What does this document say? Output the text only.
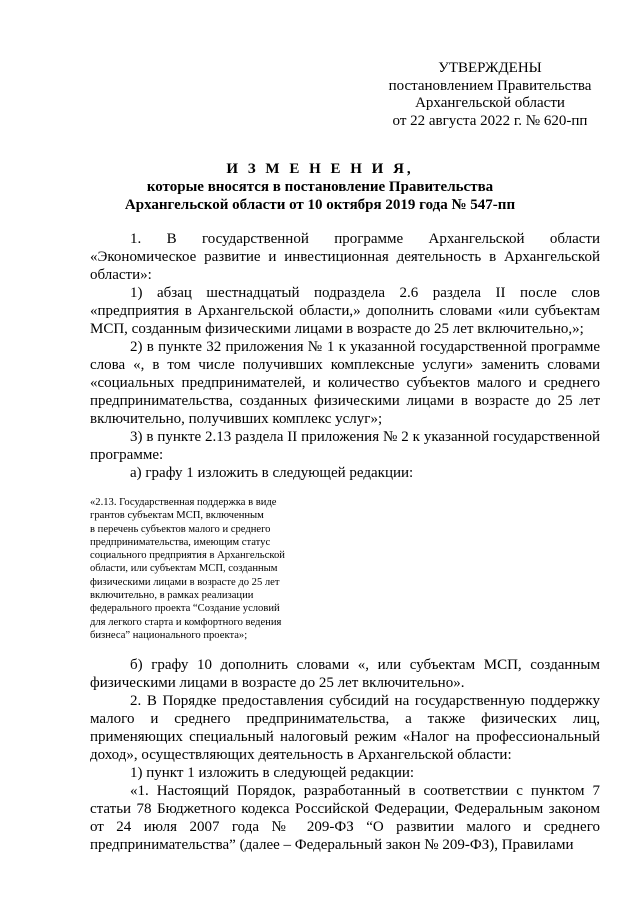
УТВЕРЖДЕНЫ
постановлением Правительства
Архангельской области
от 22 августа 2022 г. № 620-пп
И З М Е Н Е Н И Я,
которые вносятся в постановление Правительства
Архангельской области от 10 октября 2019 года № 547-пп

1. В государственной программе Архангельской области «Экономическое развитие и инвестиционная деятельность в Архангельской области»:

1) абзац шестнадцатый подраздела 2.6 раздела II после слов «предприятия в Архангельской области,» дополнить словами «или субъектам МСП, созданным физическими лицами в возрасте до 25 лет включительно,»;

2) в пункте 32 приложения № 1 к указанной государственной программе слова «, в том числе получивших комплексные услуги» заменить словами «социальных предпринимателей, и количество субъектов малого и среднего предпринимательства, созданных физическими лицами в возрасте до 25 лет включительно, получивших комплекс услуг»;

3) в пункте 2.13 раздела II приложения № 2 к указанной государственной программе:

а) графу 1 изложить в следующей редакции:

«2.13. Государственная поддержка в виде

грантов субъектам МСП, включенным

в перечень субъектов малого и среднего

предпринимательства, имеющим статус

социального предприятия в Архангельской

области, или субъектам МСП, созданным

физическими лицами в возрасте до 25 лет

включительно, в рамках реализации

федерального проекта “Создание условий

для легкого старта и комфортного ведения

бизнеса” национального проекта»;

б) графу 10 дополнить словами «, или субъектам МСП, созданным физическими лицами в возрасте до 25 лет включительно».

2. В Порядке предоставления субсидий на государственную поддержку малого и среднего предпринимательства, а также физических лиц, применяющих специальный налоговый режим «Налог на профессиональный доход», осуществляющих деятельность в Архангельской области:

1) пункт 1 изложить в следующей редакции:

«1. Настоящий Порядок, разработанный в соответствии с пунктом 7 статьи 78 Бюджетного кодекса Российской Федерации, Федеральным законом от 24 июля 2007 года № 209-ФЗ “О развитии малого и среднего предпринимательства” (далее – Федеральный закон № 209-ФЗ), Правилами
